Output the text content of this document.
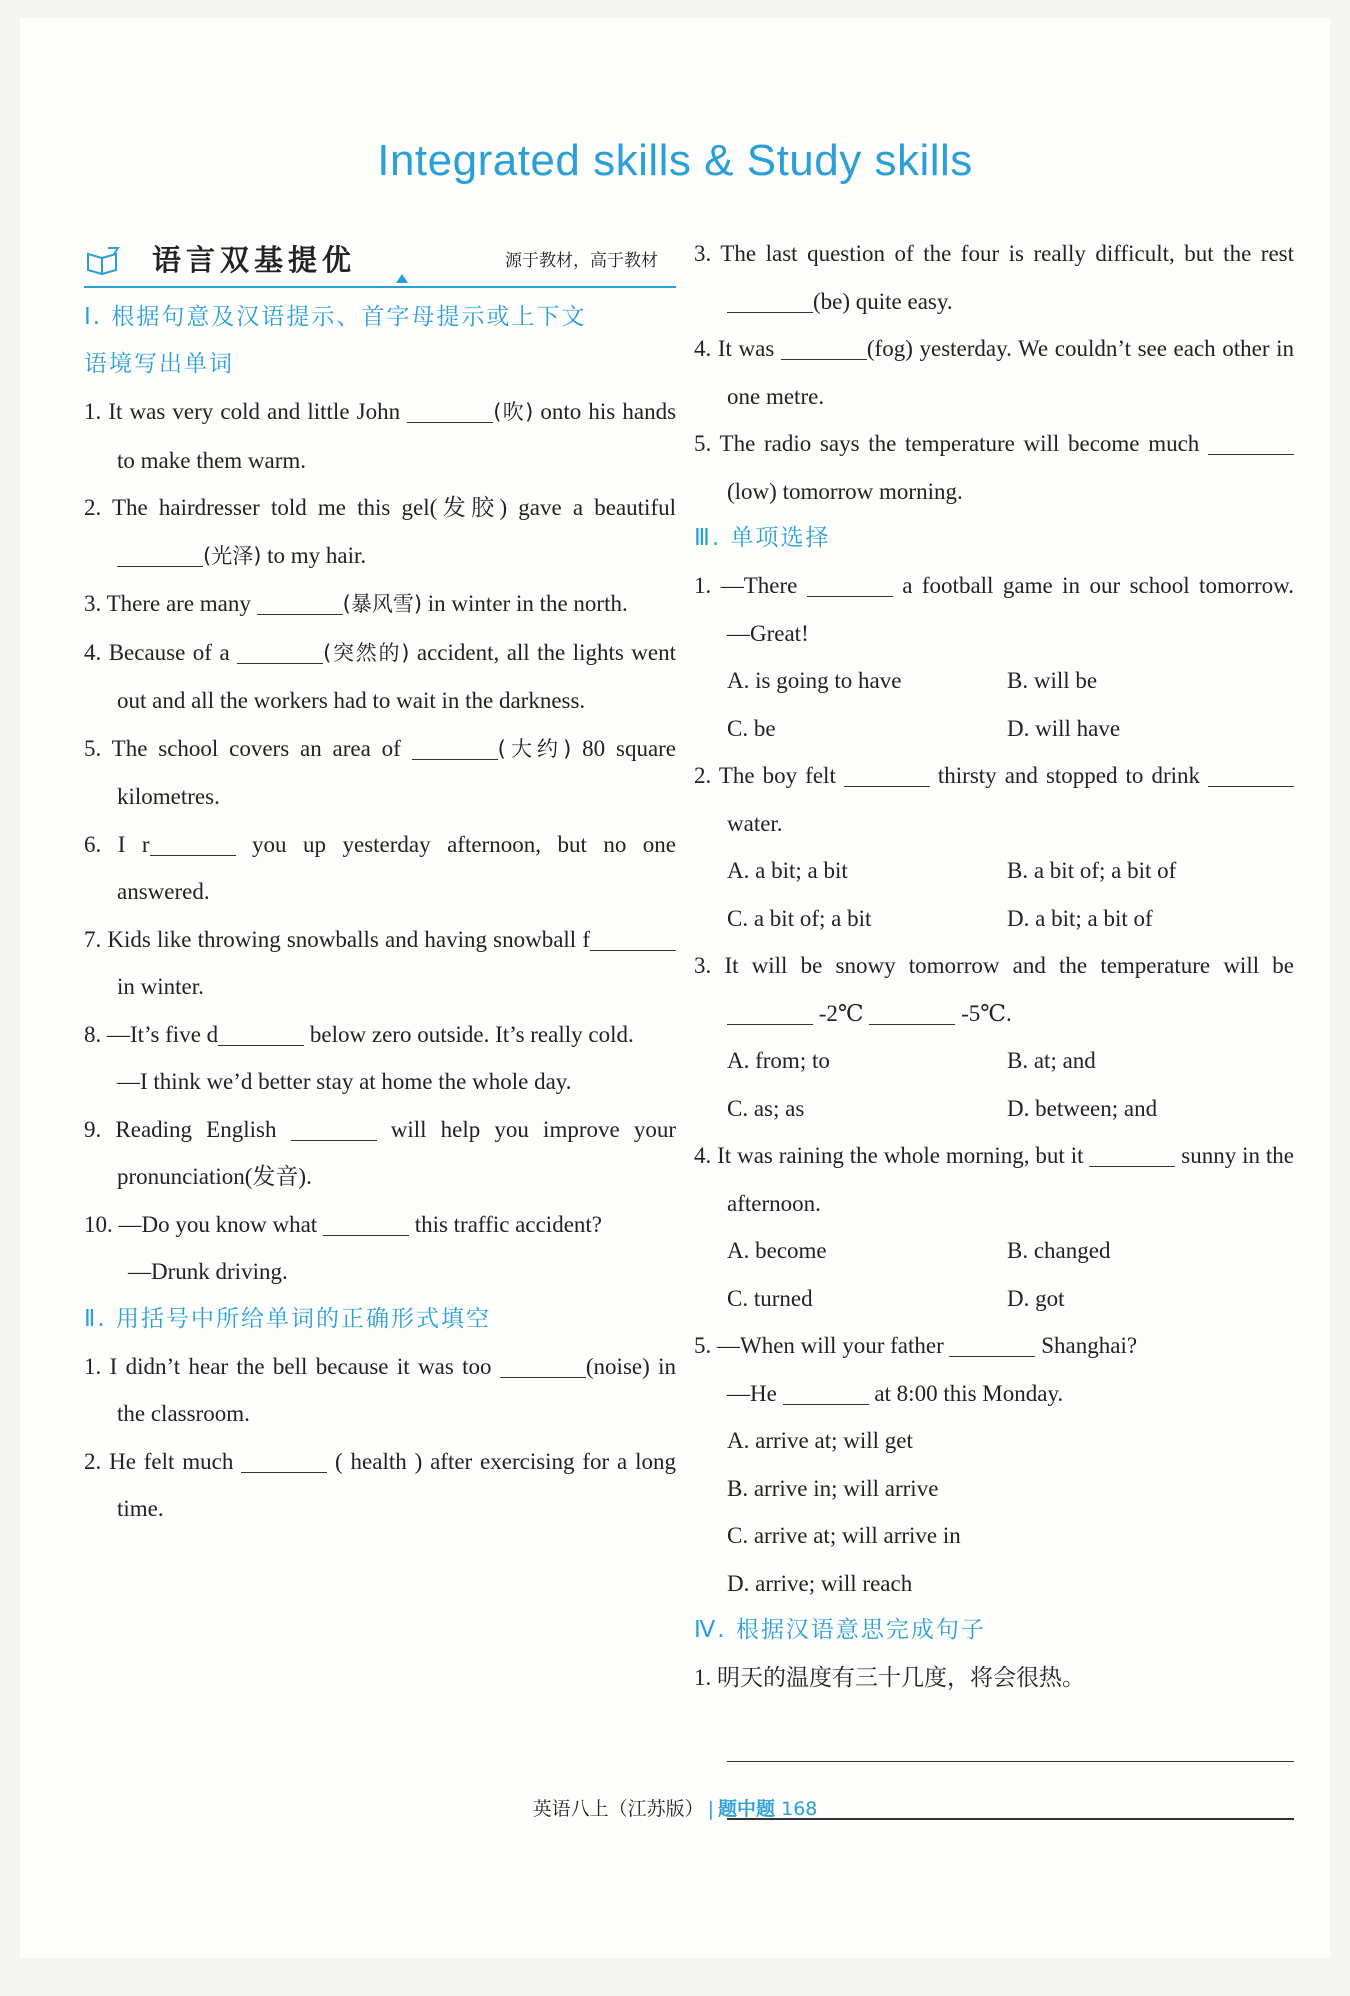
Integrated skills & Study skills
语言双基提优	源于教材，高于教材
Ⅰ. 根据句意及汉语提示、首字母提示或上下文
语境写出单词
1. It was very cold and little John	(吹) onto his hands to make them warm.
2. The hairdresser told me this gel(发胶) gave a beautiful (光泽) to my hair.
3. There are many	(暴风雪) in winter in the north.
4. Because of a	(突然的) accident, all the lights went out and all the workers had to wait in the darkness.
5. The school covers an area of	(大约) 80 square kilometres.
6. I r	you up yesterday afternoon, but no one answered.
7. Kids like throwing snowballs and having snowball f in winter.
8. —It’s five d	below zero outside. It’s really cold.
—I think we’d better stay at home the whole day.
9. Reading English	will help you improve your pronunciation(发音).
10. —Do you know what	this traffic accident?
—Drunk driving.
Ⅱ. 用括号中所给单词的正确形式填空
1. I didn’t hear the bell because it was too	(noise) in the classroom.
2. He felt much	( health ) after exercising for a long time.
3. The last question of the four is really difficult, but the rest (be) quite easy.
4. It was	(fog) yesterday. We couldn’t see each other in one metre.
5. The radio says the temperature will become much (low) tomorrow morning.
Ⅲ. 单项选择
1. —There	a football game in our school tomorrow.　—Great!
A. is going to have	B. will be
C. be	D. will have
2. The boy felt	thirsty and stopped to drink  water.
A. a bit; a bit	B. a bit of; a bit of
C. a bit of; a bit	D. a bit; a bit of
3. It will be snowy tomorrow and the temperature will be  -2℃	-5℃.
A. from; to	B. at; and
C. as; as	D. between; and
4. It was raining the whole morning, but it	sunny in the afternoon.
A. become	B. changed
C. turned	D. got
5. —When will your father	Shanghai?
—He	at 8:00 this Monday.
A. arrive at; will get
B. arrive in; will arrive
C. arrive at; will arrive in
D. arrive; will reach
Ⅳ. 根据汉语意思完成句子
1. 明天的温度有三十几度，将会很热。
英语八上（江苏版） | 题中题 168
